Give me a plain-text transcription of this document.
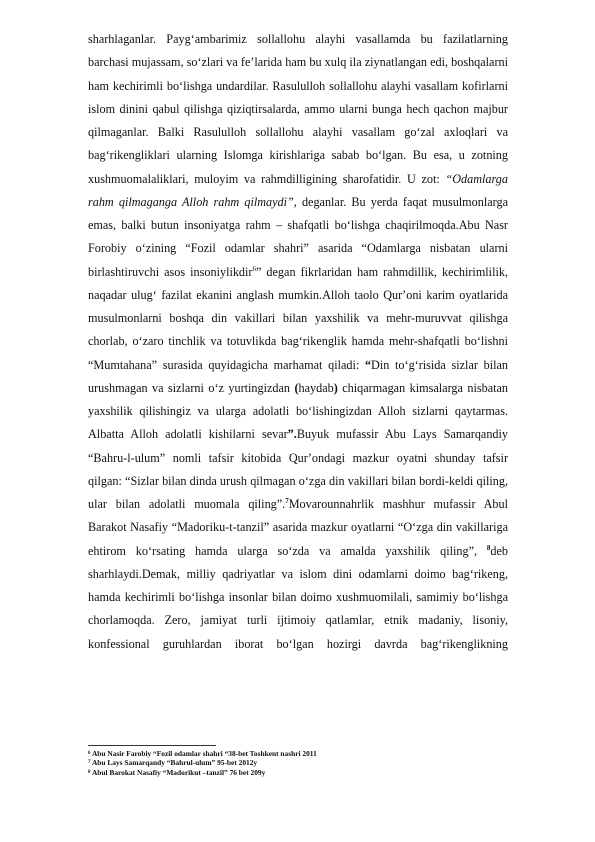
sharhlaganlar. Paygʻambarimiz sollallohu alayhi vasallamda bu fazilatlarning barchasi mujassam, soʻzlari va feʼlarida ham bu xulq ila ziynatlangan edi, boshqalarni ham kechirimli boʻlishga undardilar. Rasululloh sollallohu alayhi vasallam kofirlarni islom dinini qabul qilishga qiziqtirsalarda, ammo ularni bunga hech qachon majbur qilmaganlar. Balki Rasululloh sollallohu alayhi vasallam goʻzal axloqlari va bagʻrikengliklari ularning Islomga kirishlariga sabab boʻlgan. Bu esa, u zotning xushmuomalaliklari, muloyim va rahmdilligining sharofatidir. U zot: “Odamlarga rahm qilmaganga Alloh rahm qilmaydi”, deganlar. Bu yerda faqat musulmonlarga emas, balki butun insoniyatga rahm – shafqatli boʻlishga chaqirilmoqda.Abu Nasr Forobiy oʻzining “Fozil odamlar shahri” asarida “Odamlarga nisbatan ularni birlashtiruvchi asos insoniylikdir$^6$” degan fikrlaridan ham rahmdillik, kechirimlilik, naqadar ulugʻ fazilat ekanini anglash mumkin.Alloh taolo Qurʼoni karim oyatlarida musulmonlarni boshqa din vakillari bilan yaxshilik va mehr-muruvvat qilishga chorlab, oʻzaro tinchlik va totuvlikda bagʻrikenglik hamda mehr-shafqatli boʻlishni “Mumtahana” surasida quyidagicha marhamat qiladi: “Din toʻgʻrisida sizlar bilan urushmagan va sizlarni oʻz yurtingizdan (haydab) chiqarmagan kimsalarga nisbatan yaxshilik qilishingiz va ularga adolatli boʻlishingizdan Alloh sizlarni qaytarmas. Albatta Alloh adolatli kishilarni sevar”.Buyuk mufassir Abu Lays Samarqandiy “Bahru-l-ulum” nomli tafsir kitobida Qurʼondagi mazkur oyatni shunday tafsir qilgan: “Sizlar bilan dinda urush qilmagan oʻzga din vakillari bilan bordi-keldi qiling, ular bilan adolatli muomala qiling”.$^7$Movarounnahrlik mashhur mufassir Abul Barakot Nasafiy “Madoriku-t-tanzil” asarida mazkur oyatlarni “Oʻzga din vakillariga ehtirom koʻrsating hamda ularga soʻzda va amalda yaxshilik qiling”, $^8$deb sharhlaydi.Demak, milliy qadriyatlar va islom dini odamlarni doimo bagʻrikeng, hamda kechirimli boʻlishga insonlar bilan doimo xushmuomilali, samimiy boʻlishga chorlamoqda. Zero, jamiyat turli ijtimoiy qatlamlar, etnik madaniy, lisoniy, konfessional guruhlardan iborat boʻlgan hozirgi davrda bagʻrikenglikning

$^6$ Abu Nasir Farobiy “Fozil odamlar shahri “38-bet Toshkent nashri 2011
$^7$ Abu Lays Samarqandy “Bahrul-ulum” 95-bet 2012y
$^8$ Abul Barokat Nasafiy “Madorikut –tanzil” 76 bet 209y
